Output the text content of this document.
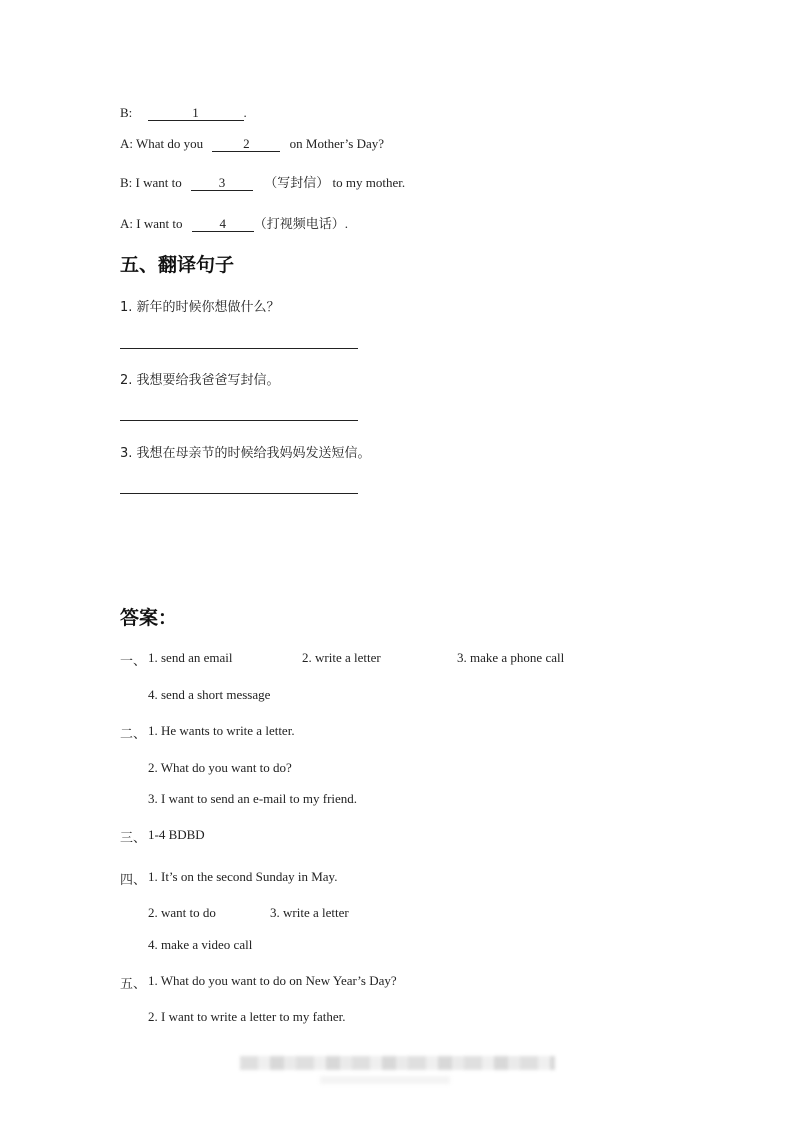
B:	1	.
A: What do you	2	on Mother’s Day?
B: I want to	3	（写封信） to my mother.
A: I want to	4 （打视频电话）.
五、翻译句子
1. 新年的时候你想做什么？
2. 我想要给我爸爸写封信。
3. 我想在母亲节的时候给我妈妈发送短信。
答案：
一、 1. send an email	2. write a letter	3. make a phone call
4. send a short message
二、 1. He wants to write a letter.
2. What do you want to do?
3. I want to send an e-mail to my friend.
三、 1-4 BDBD
四、 1. It’s on the second Sunday in May.
2. want to do	3. write a letter
4. make a video call
五、 1. What do you want to do on New Year’s Day?
2. I want to write a letter to my father.
